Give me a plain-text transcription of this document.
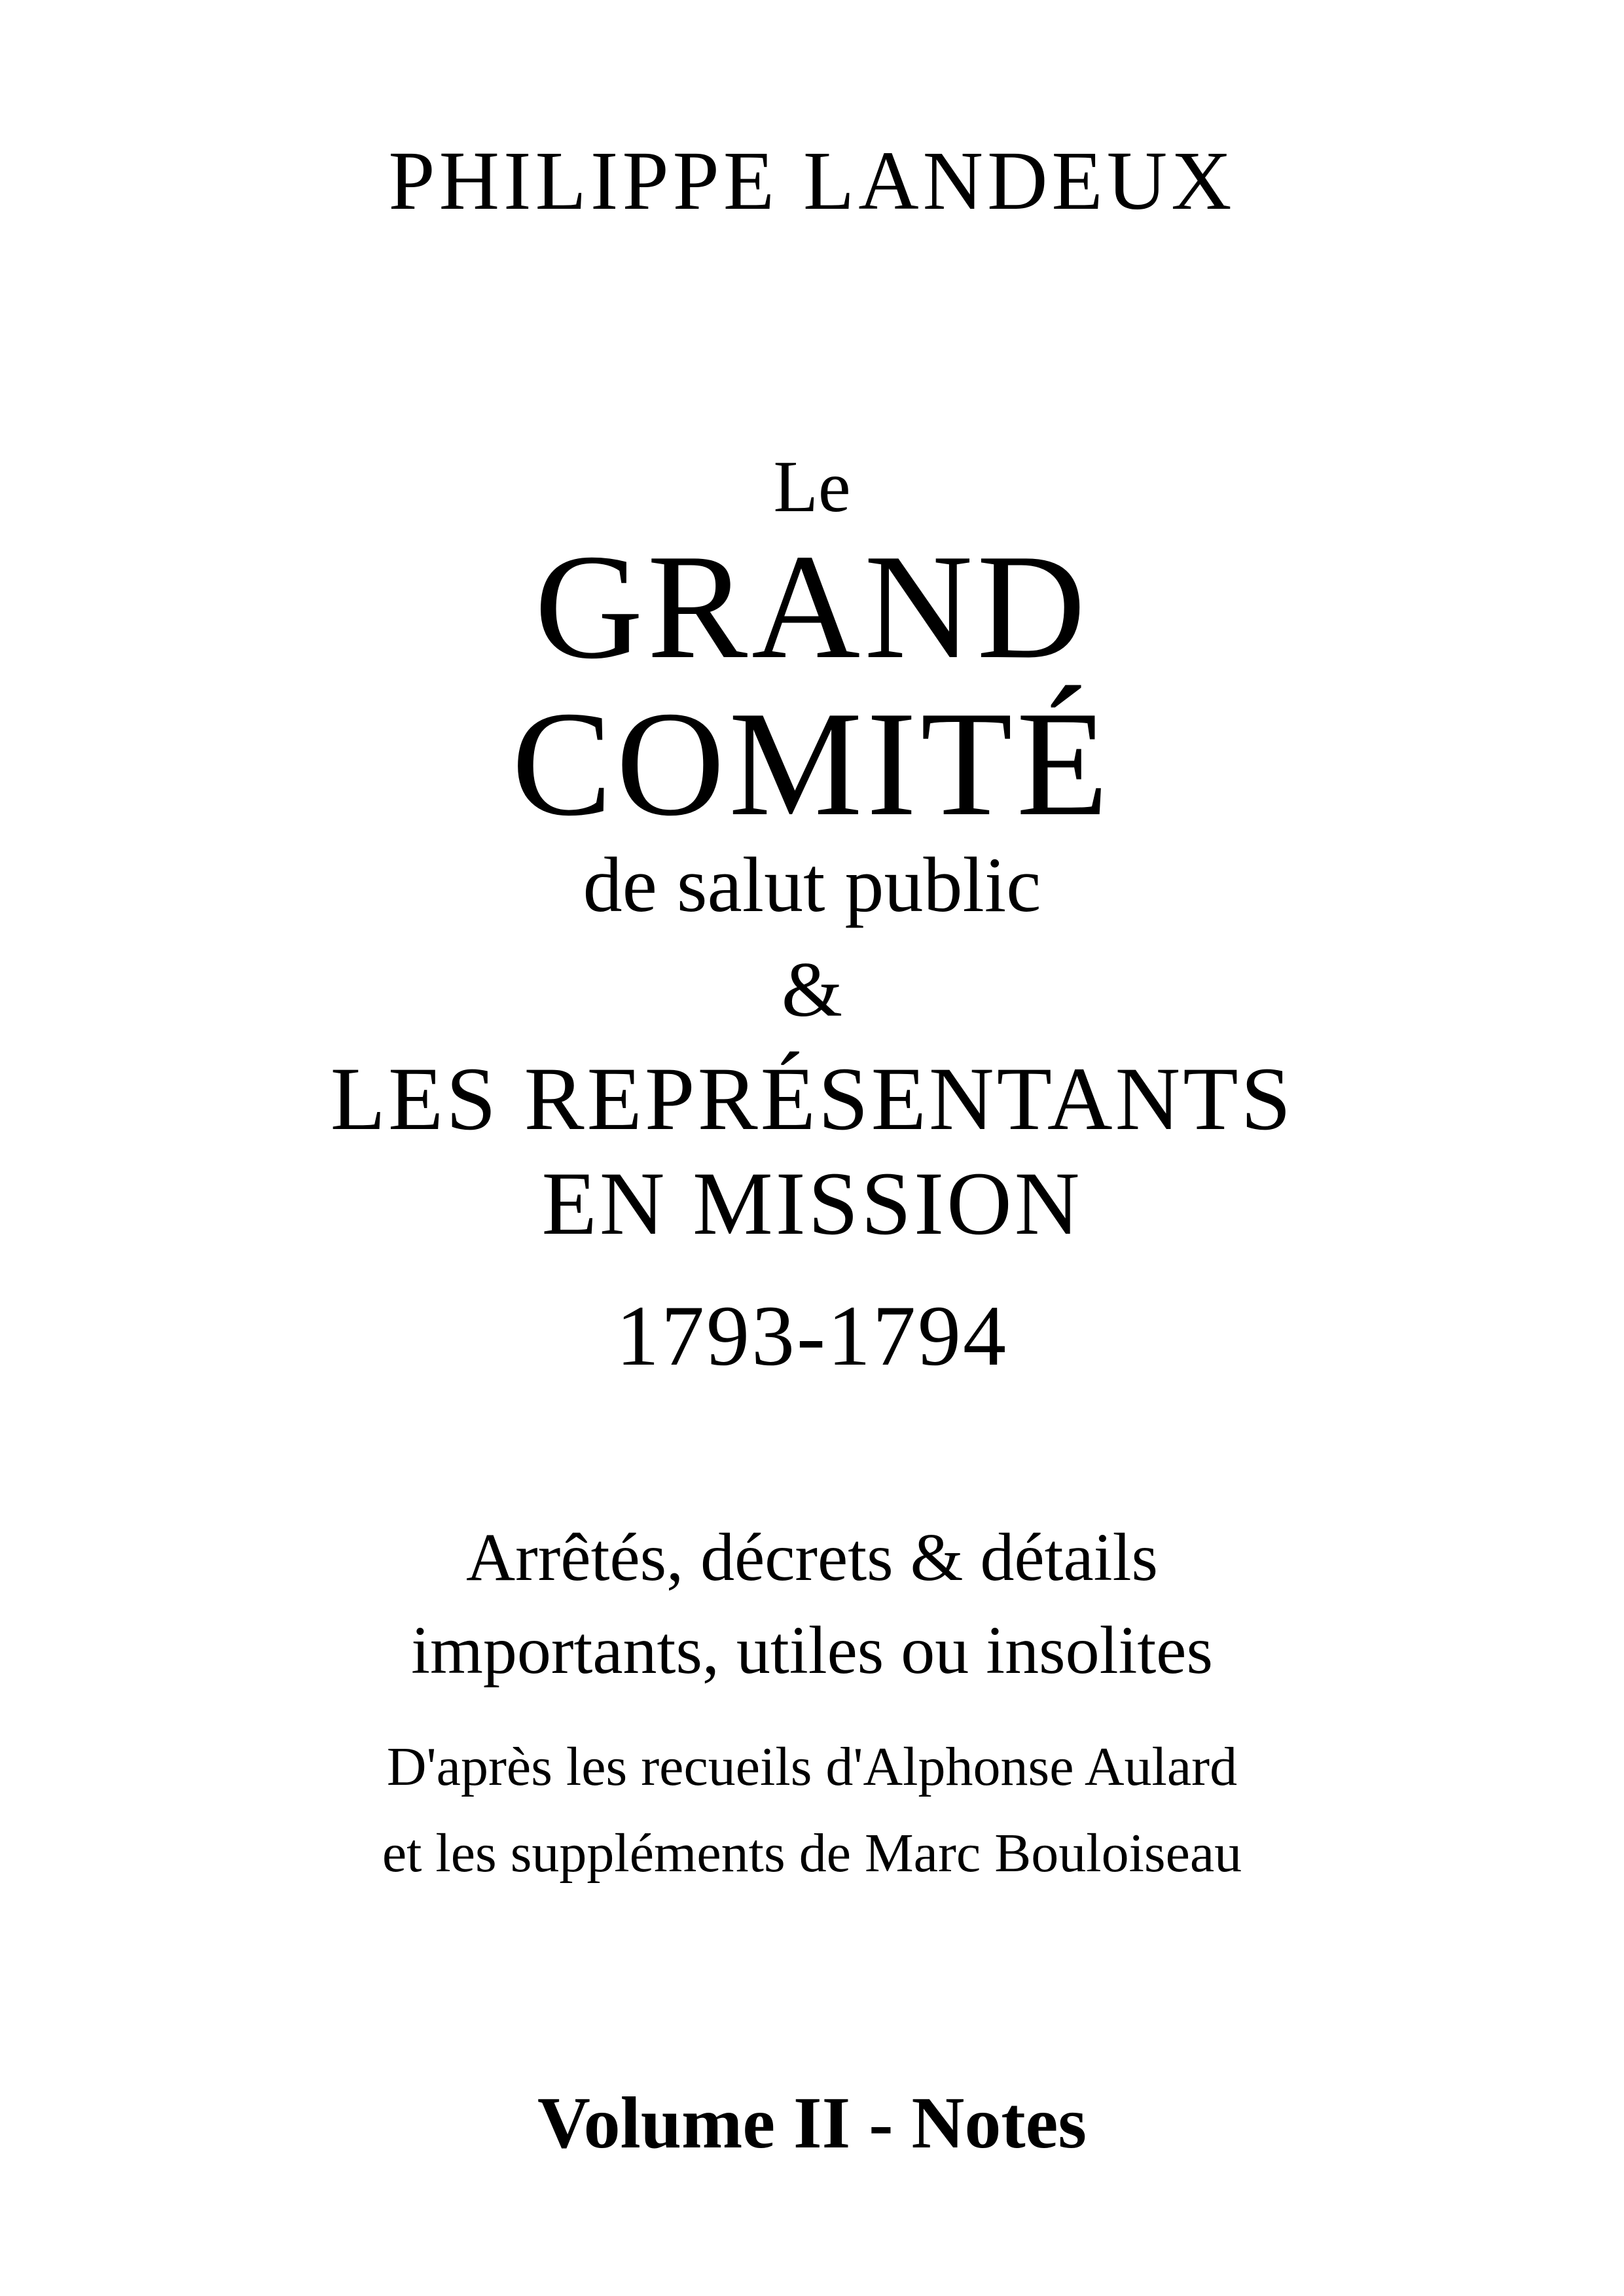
PHILIPPE LANDEUX

Le

GRAND

COMITÉ

de salut public

&

LES REPRÉSENTANTS

EN MISSION

1793-1794

Arrêtés, décrets & détails

importants, utiles ou insolites

D'après les recueils d'Alphonse Aulard

et les suppléments de Marc Bouloiseau

Volume II - Notes
